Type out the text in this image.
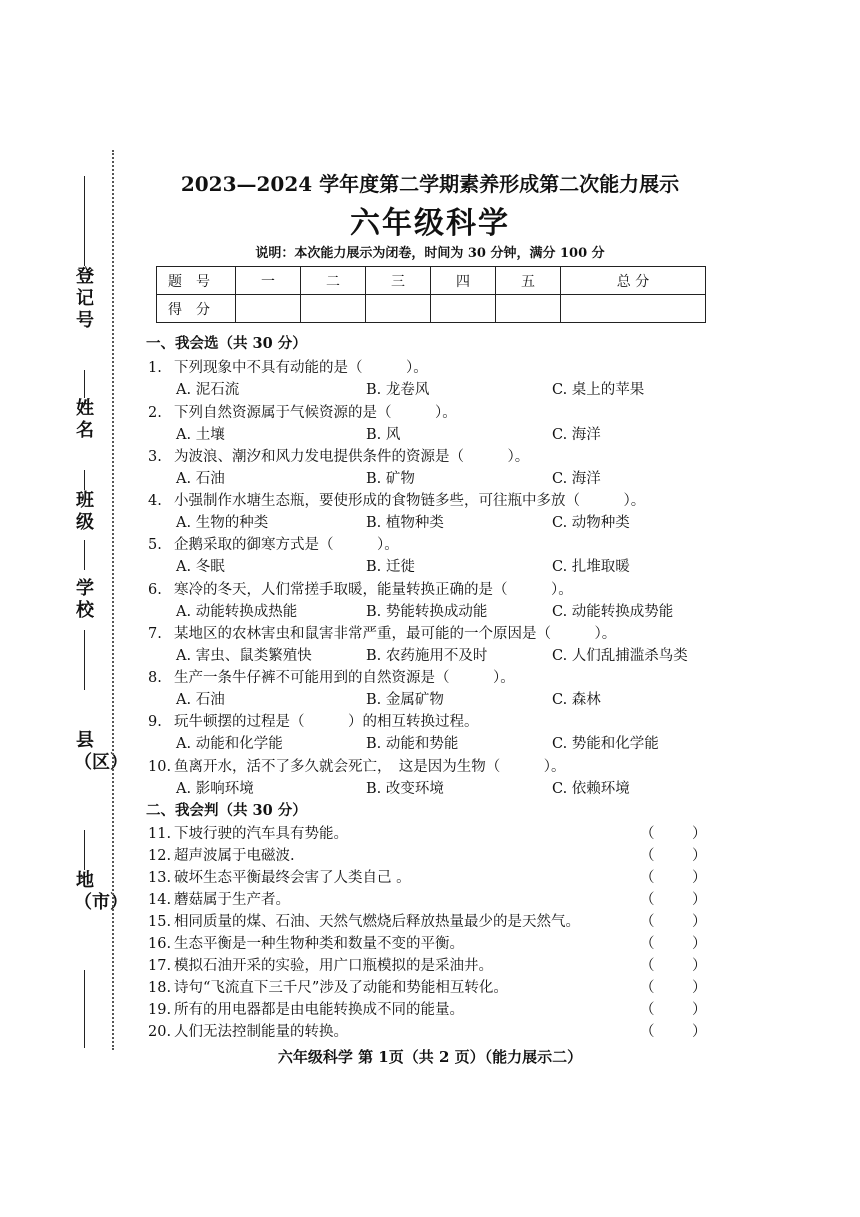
登记号
姓名
班级
学校
县（区）
地（市）
2023—2024 学年度第二学期素养形成第二次能力展示
六年级科学
说明：本次能力展示为闭卷，时间为 30 分钟，满分 100 分
题号	一	二	三	四	五	总 分
得分						
一、我会选（共 30 分）
1. 下列现象中不具有动能的是（　　　）。
A. 泥石流	B. 龙卷风	C. 桌上的苹果
2. 下列自然资源属于气候资源的是（　　　）。
A. 土壤	B. 风	C. 海洋
3. 为波浪、潮汐和风力发电提供条件的资源是（　　　）。
A. 石油	B. 矿物	C. 海洋
4. 小强制作水塘生态瓶，要使形成的食物链多些，可往瓶中多放（　　　）。
A. 生物的种类	B. 植物种类	C. 动物种类
5. 企鹅采取的御寒方式是（　　　）。
A. 冬眠	B. 迁徙	C. 扎堆取暖
6. 寒冷的冬天，人们常搓手取暖，能量转换正确的是（　　　）。
A. 动能转换成热能	B. 势能转换成动能	C. 动能转换成势能
7. 某地区的农林害虫和鼠害非常严重，最可能的一个原因是（　　　）。
A. 害虫、鼠类繁殖快	B. 农药施用不及时	C. 人们乱捕滥杀鸟类
8. 生产一条牛仔裤不可能用到的自然资源是（　　　）。
A. 石油	B. 金属矿物	C. 森林
9. 玩牛顿摆的过程是（　　　）的相互转换过程。
A. 动能和化学能	B. 动能和势能	C. 势能和化学能
10. 鱼离开水，活不了多久就会死亡，　这是因为生物（　　　）。
A. 影响环境	B. 改变环境	C. 依赖环境
二、我会判（共 30 分）
11. 下坡行驶的汽车具有势能。	（	）
12. 超声波属于电磁波.	（	）
13. 破坏生态平衡最终会害了人类自己 。	（	）
14. 蘑菇属于生产者。	（	）
15. 相同质量的煤、石油、天然气燃烧后释放热量最少的是天然气。	（	）
16. 生态平衡是一种生物种类和数量不变的平衡。	（	）
17. 模拟石油开采的实验，用广口瓶模拟的是采油井。	（	）
18. 诗句“飞流直下三千尺”涉及了动能和势能相互转化。	（	）
19. 所有的用电器都是由电能转换成不同的能量。	（	）
20. 人们无法控制能量的转换。	（	）
六年级科学 第 1页（共 2 页）（能力展示二）
